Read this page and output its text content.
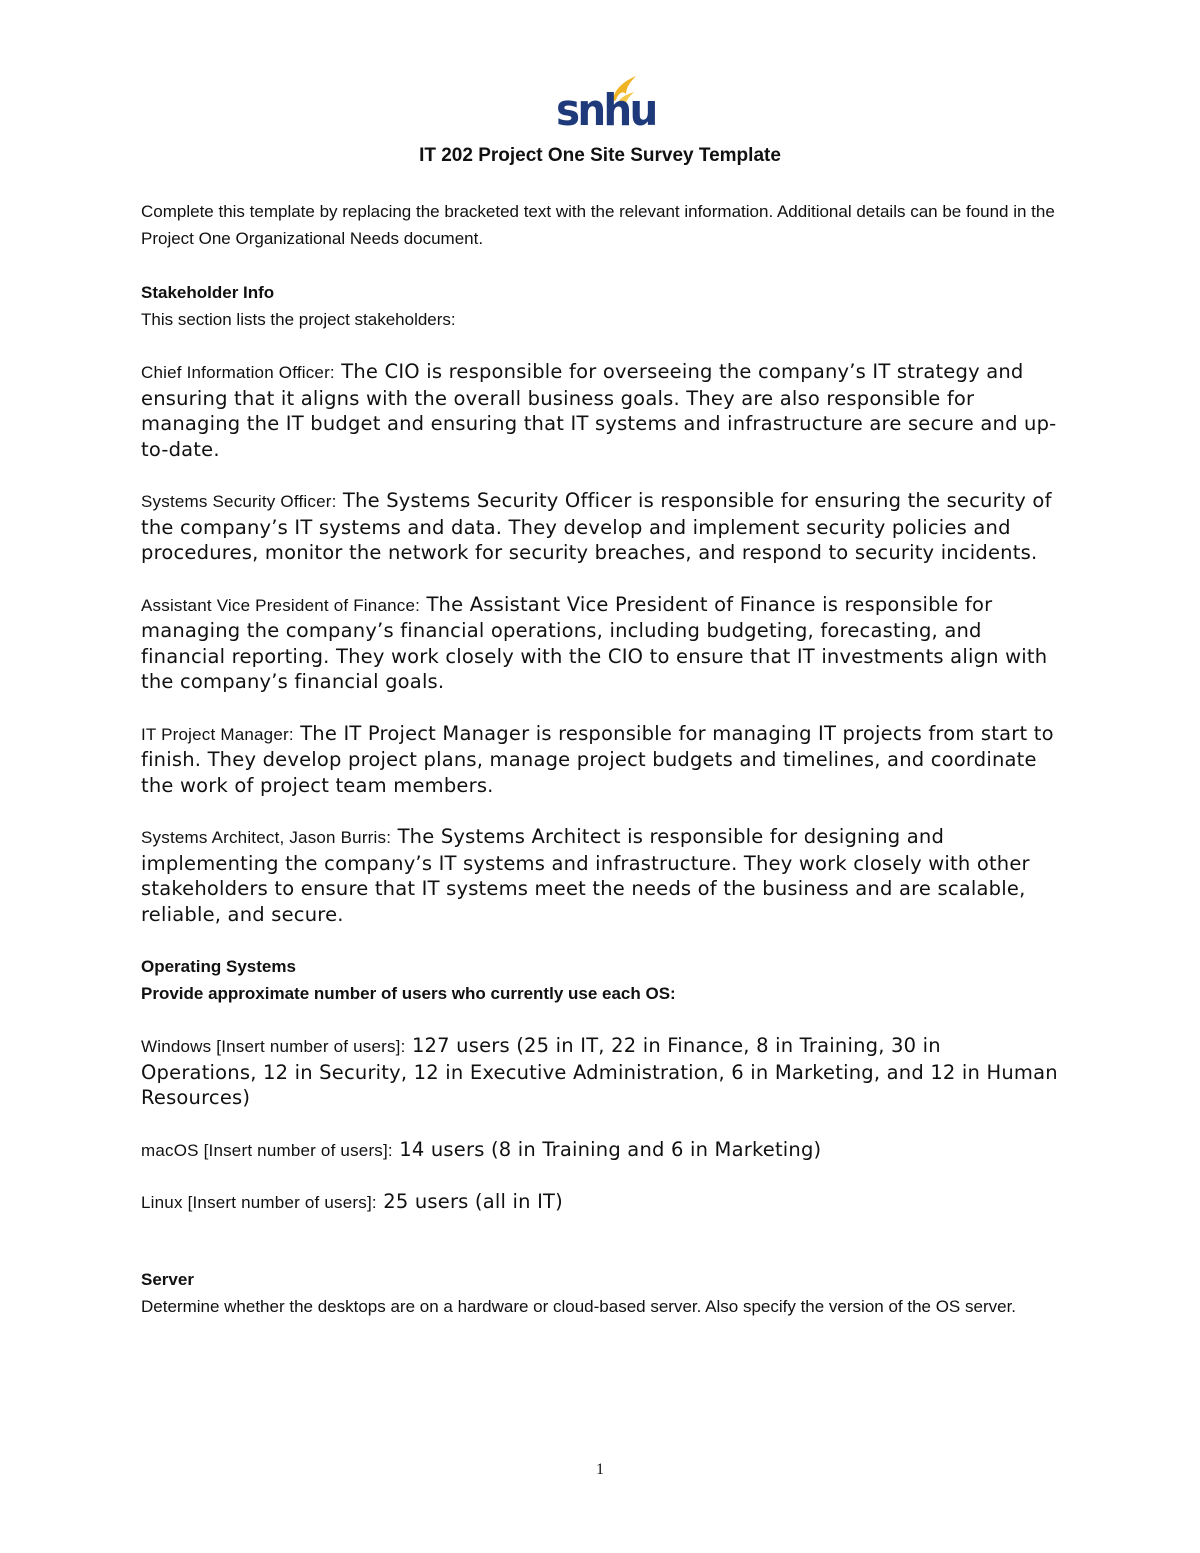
snhu
IT 202 Project One Site Survey Template

Complete this template by replacing the bracketed text with the relevant information. Additional details can be found in the Project One Organizational Needs document.

Stakeholder Info

This section lists the project stakeholders:

Chief Information Officer: The CIO is responsible for overseeing the company’s IT strategy and ensuring that it aligns with the overall business goals. They are also responsible for managing the IT budget and ensuring that IT systems and infrastructure are secure and up-to-date.

Systems Security Officer: The Systems Security Officer is responsible for ensuring the security of the company’s IT systems and data. They develop and implement security policies and procedures, monitor the network for security breaches, and respond to security incidents.

Assistant Vice President of Finance: The Assistant Vice President of Finance is responsible for managing the company’s financial operations, including budgeting, forecasting, and financial reporting. They work closely with the CIO to ensure that IT investments align with the company’s financial goals.

IT Project Manager: The IT Project Manager is responsible for managing IT projects from start to finish. They develop project plans, manage project budgets and timelines, and coordinate the work of project team members.

Systems Architect, Jason Burris: The Systems Architect is responsible for designing and implementing the company’s IT systems and infrastructure. They work closely with other stakeholders to ensure that IT systems meet the needs of the business and are scalable, reliable, and secure.

Operating Systems

Provide approximate number of users who currently use each OS:

Windows [Insert number of users]: 127 users (25 in IT, 22 in Finance, 8 in Training, 30 in Operations, 12 in Security, 12 in Executive Administration, 6 in Marketing, and 12 in Human Resources)

macOS [Insert number of users]: 14 users (8 in Training and 6 in Marketing)

Linux [Insert number of users]: 25 users (all in IT)

Server

Determine whether the desktops are on a hardware or cloud-based server. Also specify the version of the OS server.

1
